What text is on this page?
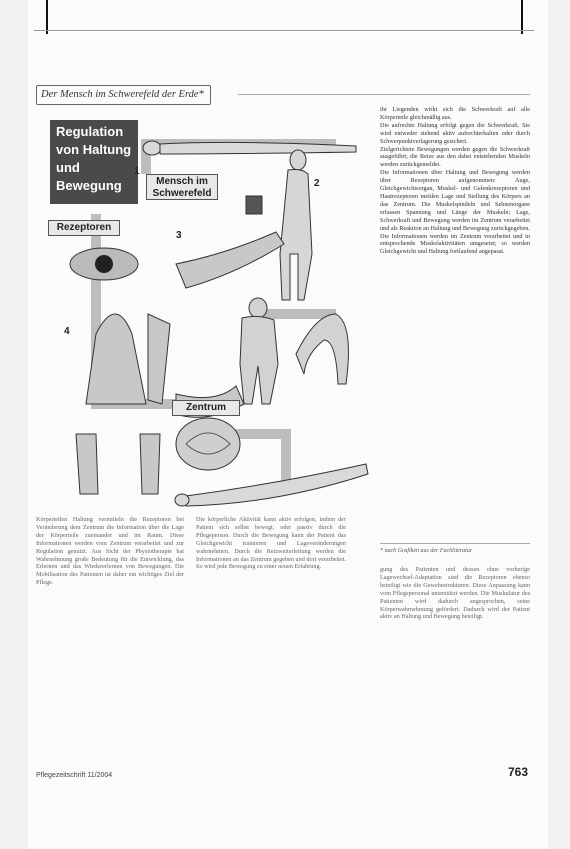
Der Mensch im Schwerefeld der Erde*
Regulation von Haltung und Bewegung
Rezeptoren
Mensch im Schwerefeld
Zentrum
1
2
3
4

ihr Liegenden wirkt sich die Schwerkraft auf alle Körperteile gleichmäßig aus.

Die aufrechte Haltung erfolgt gegen die Schwerkraft. Sie wird entweder stehend aktiv aufrechterhalten oder durch Schwerpunktverlagerung gesichert.

Zielgerichtete Bewegungen werden gegen die Schwerkraft ausgeführt; die Reize aus den dabei entstehenden Muskeln werden zurückgemeldet.

Die Informationen über Haltung und Bewegung werden über Rezeptoren aufgenommen: Auge, Gleichgewichtsorgan, Muskel- und Gelenkrezeptoren und Hautrezeptoren melden Lage und Stellung des Körpers an das Zentrum. Die Muskelspindeln und Sehnenorgane erfassen Spannung und Länge der Muskeln; Lage, Schwerkraft und Bewegung werden im Zentrum verarbeitet und als Reaktion an Haltung und Bewegung zurückgegeben.

Die Informationen werden im Zentrum verarbeitet und in entsprechende Muskelaktivitäten umgesetzt; so werden Gleichgewicht und Haltung fortlaufend angepasst.

* nach Grafiken aus der Fachliteratur
Körperteilen Haltung vermitteln die Rezeptoren bei Veränderung dem Zentrum die Information über die Lage der Körperteile zueinander und im Raum. Diese Informationen werden vom Zentrum verarbeitet und zur Regulation genutzt. Aus Sicht der Physiotherapie hat Wahrnehmung große Bedeutung für die Entwicklung, das Erlernen und das Wiedererlernen von Bewegungen. Die Mobilisation des Patienten ist daher ein wichtiges Ziel der Pflege.
Die körperliche Aktivität kann aktiv erfolgen, indem der Patient sich selbst bewegt, oder passiv durch die Pflegeperson. Durch die Bewegung kann der Patient das Gleichgewicht trainieren und Lageveränderungen wahrnehmen. Durch die Reizweiterleitung werden die Informationen an das Zentrum gegeben und dort verarbeitet. So wird jede Bewegung zu einer neuen Erfahrung.	gung des Patienten und dessen ohne vorherige Lagewechsel-Adaptation sind die Rezeptoren ebenso beteiligt wie die Gewebestrukturen. Diese Anpassung kann vom Pflegepersonal unterstützt werden. Die Muskulatur des Patienten wird dadurch angesprochen, seine Körperwahrnehmung gefördert. Dadurch wird der Patient aktiv an Haltung und Bewegung beteiligt.
Pflegezeitschrift 11/2004	763
